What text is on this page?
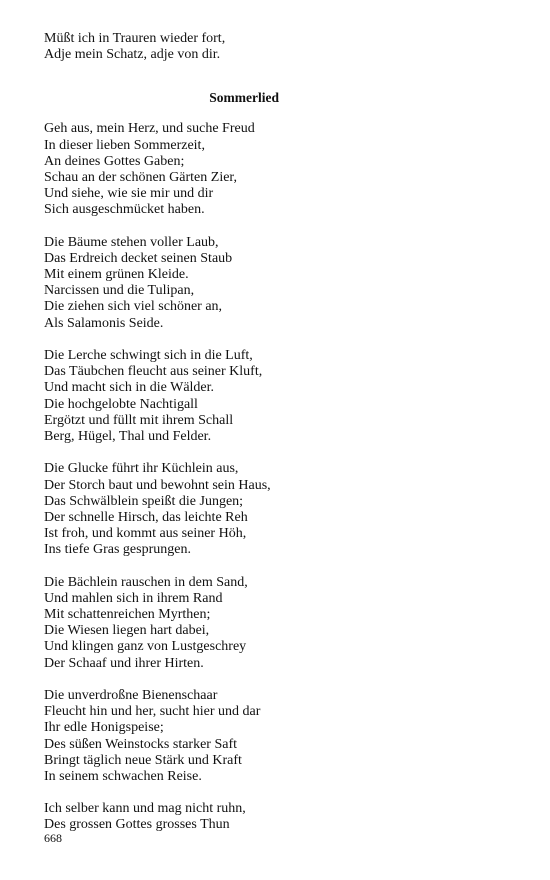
Müßt ich in Trauren wieder fort,
Adje mein Schatz, adje von dir.
Sommerlied
Geh aus, mein Herz, und suche Freud
In dieser lieben Sommerzeit,
An deines Gottes Gaben;
Schau an der schönen Gärten Zier,
Und siehe, wie sie mir und dir
Sich ausgeschmücket haben.
Die Bäume stehen voller Laub,
Das Erdreich decket seinen Staub
Mit einem grünen Kleide.
Narcissen und die Tulipan,
Die ziehen sich viel schöner an,
Als Salamonis Seide.
Die Lerche schwingt sich in die Luft,
Das Täubchen fleucht aus seiner Kluft,
Und macht sich in die Wälder.
Die hochgelobte Nachtigall
Ergötzt und füllt mit ihrem Schall
Berg, Hügel, Thal und Felder.
Die Glucke führt ihr Küchlein aus,
Der Storch baut und bewohnt sein Haus,
Das Schwälblein speißt die Jungen;
Der schnelle Hirsch, das leichte Reh
Ist froh, und kommt aus seiner Höh,
Ins tiefe Gras gesprungen.
Die Bächlein rauschen in dem Sand,
Und mahlen sich in ihrem Rand
Mit schattenreichen Myrthen;
Die Wiesen liegen hart dabei,
Und klingen ganz von Lustgeschrey
Der Schaaf und ihrer Hirten.
Die unverdroßne Bienenschaar
Fleucht hin und her, sucht hier und dar
Ihr edle Honigspeise;
Des süßen Weinstocks starker Saft
Bringt täglich neue Stärk und Kraft
In seinem schwachen Reise.
Ich selber kann und mag nicht ruhn,
Des grossen Gottes grosses Thun
668
